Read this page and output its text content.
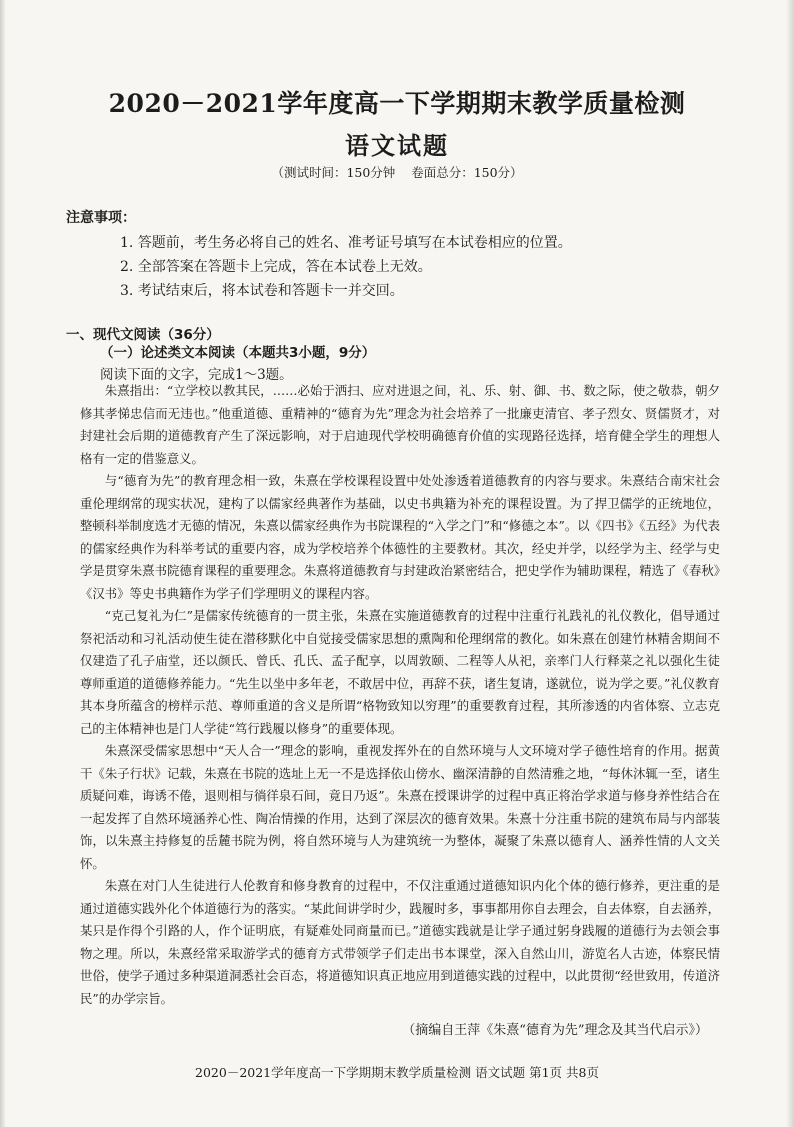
2020－2021学年度高一下学期期末教学质量检测
语文试题
（测试时间：150分钟    卷面总分：150分）
注意事项：
1. 答题前，考生务必将自己的姓名、准考证号填写在本试卷相应的位置。
2. 全部答案在答题卡上完成，答在本试卷上无效。
3. 考试结束后，将本试卷和答题卡一并交回。
一、现代文阅读（36分）
（一）论述类文本阅读（本题共3小题，9分）
阅读下面的文字，完成1～3题。

朱熹指出：“立学校以教其民，……必始于洒扫、应对进退之间，礼、乐、射、御、书、数之际，使之敬恭，朝夕修其孝悌忠信而无违也。”他重道德、重精神的“德育为先”理念为社会培养了一批廉吏清官、孝子烈女、贤儒贤才，对封建社会后期的道德教育产生了深远影响，对于启迪现代学校明确德育价值的实现路径选择，培育健全学生的理想人格有一定的借鉴意义。

与“德育为先”的教育理念相一致，朱熹在学校课程设置中处处渗透着道德教育的内容与要求。朱熹结合南宋社会重伦理纲常的现实状况，建构了以儒家经典著作为基础，以史书典籍为补充的课程设置。为了捍卫儒学的正统地位，整顿科举制度选才无德的情况，朱熹以儒家经典作为书院课程的“入学之门”和“修德之本”。以《四书》《五经》为代表的儒家经典作为科举考试的重要内容，成为学校培养个体德性的主要教材。其次，经史并学，以经学为主、经学与史学是贯穿朱熹书院德育课程的重要理念。朱熹将道德教育与封建政治紧密结合，把史学作为辅助课程，精选了《春秋》《汉书》等史书典籍作为学子们学理明义的课程内容。

“克己复礼为仁”是儒家传统德育的一贯主张，朱熹在实施道德教育的过程中注重行礼践礼的礼仪教化，倡导通过祭祀活动和习礼活动使生徒在潜移默化中自觉接受儒家思想的熏陶和伦理纲常的教化。如朱熹在创建竹林精舍期间不仅建造了孔子庙堂，还以颜氏、曾氏、孔氏、孟子配享，以周敦颐、二程等人从祀，亲率门人行释菜之礼以强化生徒尊师重道的道德修养能力。“先生以坐中多年老，不敢居中位，再辞不获，诸生复请，遂就位，说为学之要。”礼仪教育其本身所蕴含的榜样示范、尊师重道的含义是所谓“格物致知以穷理”的重要教育过程，其所渗透的内省体察、立志克己的主体精神也是门人学徒“笃行践履以修身”的重要体现。

朱熹深受儒家思想中“天人合一”理念的影响，重视发挥外在的自然环境与人文环境对学子德性培育的作用。据黄干《朱子行状》记载，朱熹在书院的选址上无一不是选择依山傍水、幽深清静的自然清雅之地，“每休沐辄一至，诸生质疑问难，诲诱不倦，退则相与徜徉泉石间，竟日乃返”。朱熹在授课讲学的过程中真正将治学求道与修身养性结合在一起发挥了自然环境涵养心性、陶冶情操的作用，达到了深层次的德育效果。朱熹十分注重书院的建筑布局与内部装饰，以朱熹主持修复的岳麓书院为例，将自然环境与人为建筑统一为整体，凝聚了朱熹以德育人、涵养性情的人文关怀。

朱熹在对门人生徒进行人伦教育和修身教育的过程中，不仅注重通过道德知识内化个体的德行修养，更注重的是通过道德实践外化个体道德行为的落实。“某此间讲学时少，践履时多，事事都用你自去理会，自去体察，自去涵养，某只是作得个引路的人，作个证明底，有疑难处同商量而已。”道德实践就是让学子通过躬身践履的道德行为去领会事物之理。所以，朱熹经常采取游学式的德育方式带领学子们走出书本课堂，深入自然山川，游览名人古迹，体察民情世俗，使学子通过多种渠道洞悉社会百态，将道德知识真正地应用到道德实践的过程中，以此贯彻“经世致用，传道济民”的办学宗旨。

（摘编自王萍《朱熹“德育为先”理念及其当代启示》）
2020－2021学年度高一下学期期末教学质量检测 语文试题 第1页 共8页
